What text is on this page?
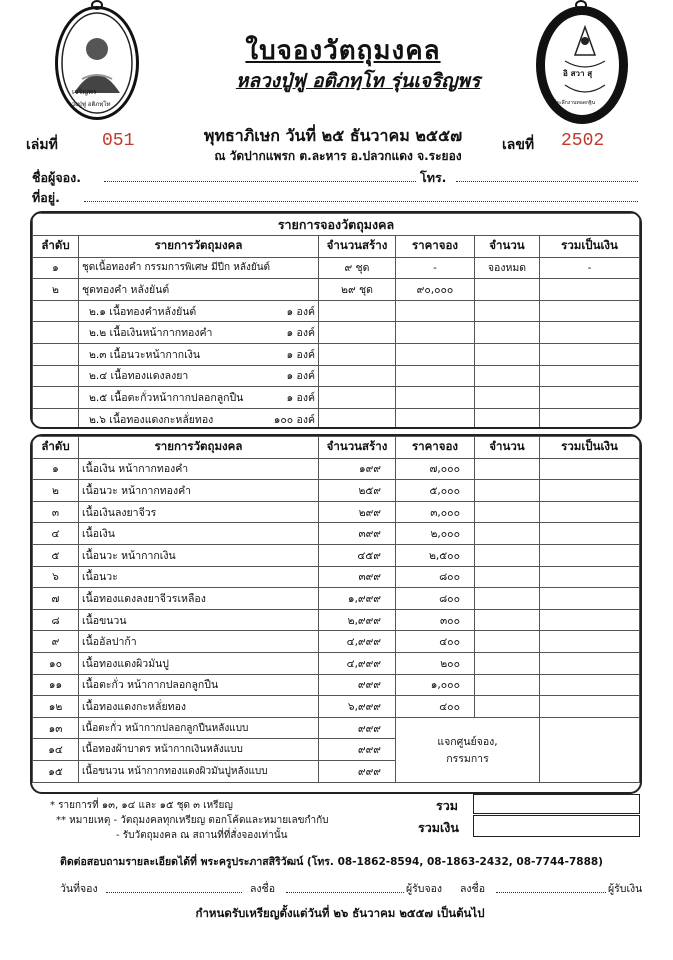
เจริญพร
หลวงปู่ฟู อติภทฺโท
อิ สวา สุ
ที่ระลึกงานทอดกฐิน
ใบจองวัตถุมงคล
หลวงปู่ฟู อติภทฺโท รุ่นเจริญพร
เล่มที่ 051	พุทธาภิเษก วันที่ ๒๕ ธันวาคม ๒๕๕๗	เลขที่ 2502
ณ วัดปากแพรก ต.ละหาร อ.ปลวกแดง จ.ระยอง
ชื่อผู้จอง.	โทร.
ที่อยู่.
รายการจองวัตถุมงคล					
ลำดับ	รายการวัตถุมงคล	จำนวนสร้าง	ราคาจอง	จำนวน	รวมเป็นเงิน
๑	ชุดเนื้อทองคำ กรรมการพิเศษ มีปีก หลังยันต์	๙ ชุด	-	จองหมด	-
๒	ชุดทองคำ หลังยันต์	๒๙ ชุด	๙๐,๐๐๐		
	๒.๑ เนื้อทองคำหลังยันต์ ๑ องค์				

	๒.๒ เนื้อเงินหน้ากากทองคำ ๑ องค์				

	๒.๓ เนื้อนวะหน้ากากเงิน ๑ องค์				

	๒.๔ เนื้อทองแดงลงยา ๑ องค์				

	๒.๕ เนื้อตะกั่วหน้ากากปลอกลูกปืน ๑ องค์				

	๒.๖ เนื้อทองแดงกะหลั่ยทอง ๑๐๐ องค์				

ลำดับ	รายการวัตถุมงคล	จำนวนสร้าง	ราคาจอง	จำนวน	รวมเป็นเงิน
๑	เนื้อเงิน หน้ากากทองคำ	๑๙๙	๗,๐๐๐		
๒	เนื้อนวะ หน้ากากทองคำ	๒๕๙	๕,๐๐๐		
๓	เนื้อเงินลงยาจีวร	๒๙๙	๓,๐๐๐		
๔	เนื้อเงิน	๓๙๙	๒,๐๐๐		
๕	เนื้อนวะ หน้ากากเงิน	๔๕๙	๒,๕๐๐		
๖	เนื้อนวะ	๓๙๙	๘๐๐		
๗	เนื้อทองแดงลงยาจีวรเหลือง	๑,๙๙๙	๘๐๐		
๘	เนื้อขนวน	๒,๙๙๙	๓๐๐		
๙	เนื้ออัลปาก้า	๔,๙๙๙	๔๐๐		
๑๐	เนื้อทองแดงผิวมันปู	๔,๙๙๙	๒๐๐		
๑๑	เนื้อตะกั่ว หน้ากากปลอกลูกปืน	๙๙๙	๑,๐๐๐		
๑๒	เนื้อทองแดงกะหลั่ยทอง	๖,๙๙๙	๔๐๐		
๑๓	เนื้อตะกั่ว หน้ากากปลอกลูกปืนหลังแบบ	๙๙๙	แจกศูนย์จอง,
กรรมการ		

๑๔	เนื้อทองผ้าบาตร หน้ากากเงินหลังแบบ	๙๙๙			
๑๕	เนื้อขนวน หน้ากากทองแดงผิวมันปูหลังแบบ	๙๙๙			
* รายการที่ ๑๓, ๑๔ และ ๑๕ ชุด ๓ เหรียญ
** หมายเหตุ - วัตถุมงคลทุกเหรียญ ตอกโค้ดและหมายเลขกำกับ
- รับวัตถุมงคล ณ สถานที่ที่สั่งจองเท่านั้น
รวม
รวมเงิน
ติดต่อสอบถามรายละเอียดได้ที่ พระครูประภาสสิริวัฒน์ (โทร. 08-1862-8594, 08-1863-2432, 08-7744-7888)
วันที่จอง	ลงชื่อ	ผู้รับจอง ลงชื่อ	ผู้รับเงิน
กำหนดรับเหรียญตั้งแต่วันที่ ๒๖ ธันวาคม ๒๕๕๗ เป็นต้นไป
